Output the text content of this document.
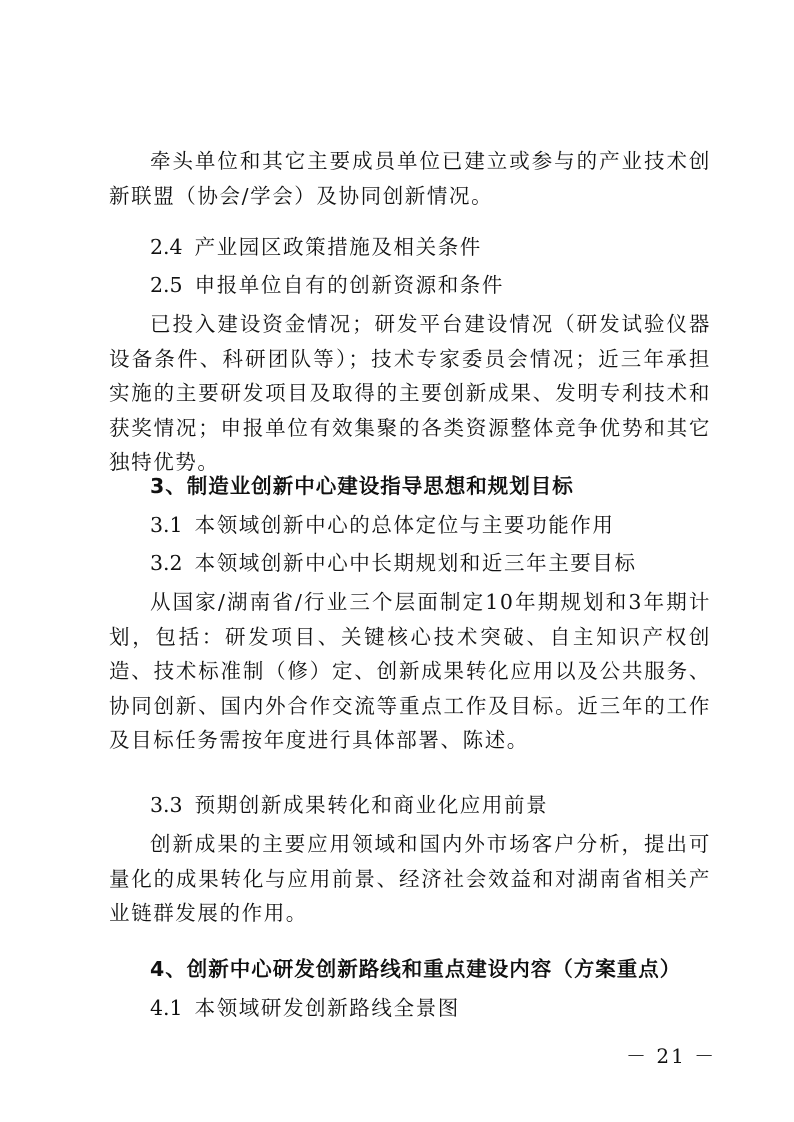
牵头单位和其它主要成员单位已建立或参与的产业技术创新联盟（协会/学会）及协同创新情况。

2.4 产业园区政策措施及相关条件

2.5 申报单位自有的创新资源和条件

已投入建设资金情况；研发平台建设情况（研发试验仪器设备条件、科研团队等）；技术专家委员会情况；近三年承担实施的主要研发项目及取得的主要创新成果、发明专利技术和获奖情况；申报单位有效集聚的各类资源整体竞争优势和其它独特优势。

3、制造业创新中心建设指导思想和规划目标

3.1 本领域创新中心的总体定位与主要功能作用

3.2 本领域创新中心中长期规划和近三年主要目标

从国家/湖南省/行业三个层面制定10年期规划和3年期计划，包括：研发项目、关键核心技术突破、自主知识产权创造、技术标准制（修）定、创新成果转化应用以及公共服务、协同创新、国内外合作交流等重点工作及目标。近三年的工作及目标任务需按年度进行具体部署、陈述。

3.3 预期创新成果转化和商业化应用前景

创新成果的主要应用领域和国内外市场客户分析，提出可量化的成果转化与应用前景、经济社会效益和对湖南省相关产业链群发展的作用。

4、创新中心研发创新路线和重点建设内容（方案重点）

4.1 本领域研发创新路线全景图

－ 21 －
